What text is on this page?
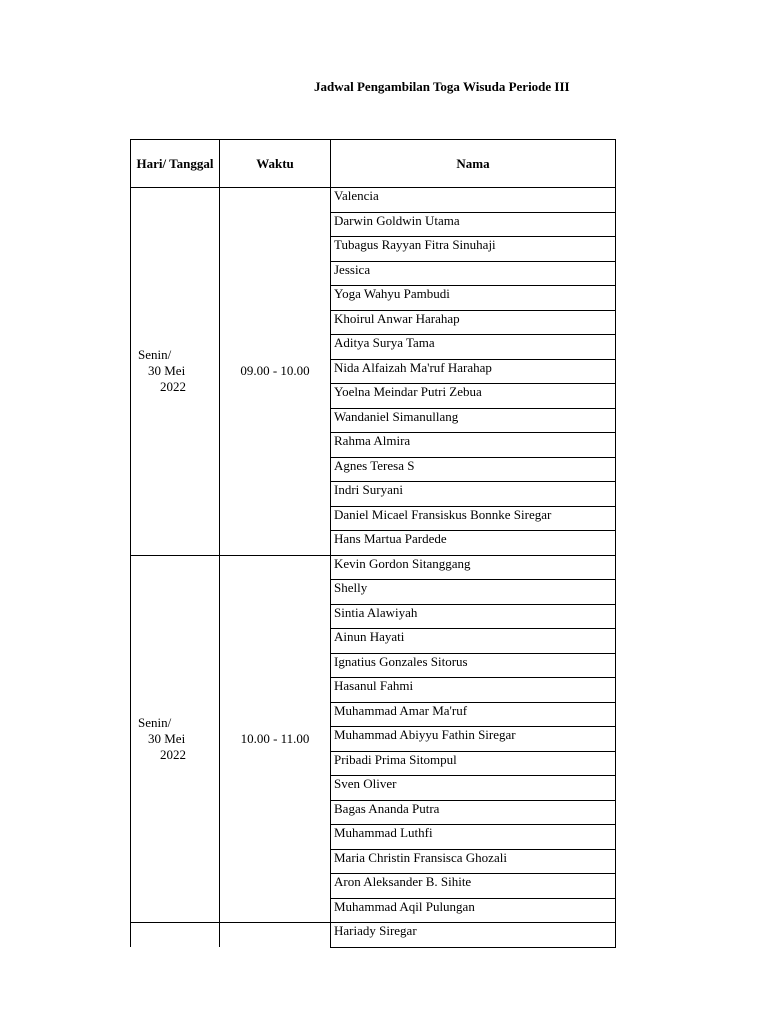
Jadwal Pengambilan Toga Wisuda Periode III
Hari/ Tanggal	Waktu	Nama

Senin/
30 Mei
2022	09.00 - 10.00	Valencia
		Darwin Goldwin Utama
		Tubagus Rayyan Fitra Sinuhaji
		Jessica
		Yoga Wahyu Pambudi
		Khoirul Anwar Harahap
		Aditya Surya Tama
		Nida Alfaizah Ma'ruf Harahap
		Yoelna Meindar Putri Zebua
		Wandaniel Simanullang
		Rahma Almira
		Agnes Teresa S
		Indri Suryani
		Daniel Micael Fransiskus Bonnke Siregar
		Hans Martua Pardede

Senin/
30 Mei
2022	10.00 - 11.00	Kevin Gordon Sitanggang
		Shelly
		Sintia Alawiyah
		Ainun Hayati
		Ignatius Gonzales Sitorus
		Hasanul Fahmi
		Muhammad Amar Ma'ruf
		Muhammad Abiyyu Fathin Siregar
		Pribadi Prima Sitompul
		Sven Oliver
		Bagas Ananda Putra
		Muhammad Luthfi
		Maria Christin Fransisca Ghozali
		Aron Aleksander B. Sihite
		Muhammad Aqil Pulungan
		Hariady Siregar
